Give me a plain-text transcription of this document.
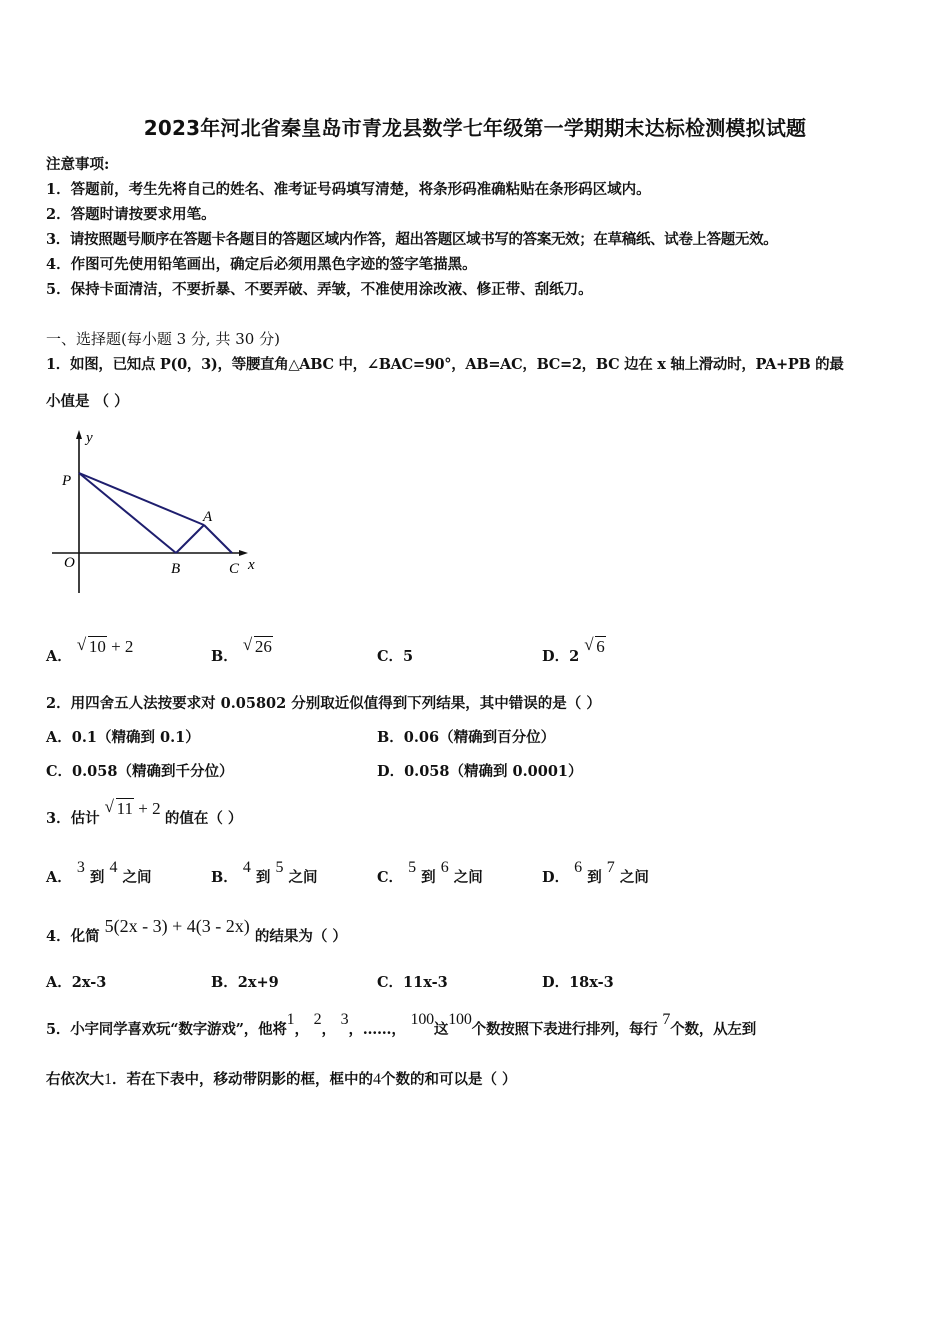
2023年河北省秦皇岛市青龙县数学七年级第一学期期末达标检测模拟试题
注意事项:
1．答题前，考生先将自己的姓名、准考证号码填写清楚，将条形码准确粘贴在条形码区域内。
2．答题时请按要求用笔。
3．请按照题号顺序在答题卡各题目的答题区域内作答，超出答题区域书写的答案无效；在草稿纸、试卷上答题无效。
4．作图可先使用铅笔画出，确定后必须用黑色字迹的签字笔描黑。
5．保持卡面清洁，不要折暴、不要弄破、弄皱，不准使用涂改液、修正带、刮纸刀。
一、选择题(每小题 3 分, 共 30 分)
1．如图，已知点 P(0，3)，等腰直角△ABC 中，∠BAC=90°，AB=AC，BC=2，BC 边在 x 轴上滑动时，PA+PB 的最
小值是 （ ）
y
P
O
A
B	C x
A．
√ 10 + 2
B．
√ 26
C．5	D．2
√ 6
2．用四舍五人法按要求对 0.05802 分别取近似值得到下列结果，其中错误的是（ ）
A．0.1（精确到 0.1）	B．0.06（精确到百分位）
C．0.058（精确到千分位）	D．0.058（精确到 0.0001）
3．估计
√ 11 + 2 的值在（ ）
A． 3 到 4 之间	B． 4 到 5 之间	C． 5 到 6 之间	D． 6 到 7 之间
4．化简 5(2x - 3) + 4(3 - 2x) 的结果为（ ）
A．2x-3	B．2x+9	C．11x-3	D．18x-3
5．小宇同学喜欢玩“数字游戏”，他将1， 2， 3，……， 100这100个数按照下表进行排列，每行 7个数，从左到
右依次大1．若在下表中，移动带阴影的框，框中的4个数的和可以是（ ）
